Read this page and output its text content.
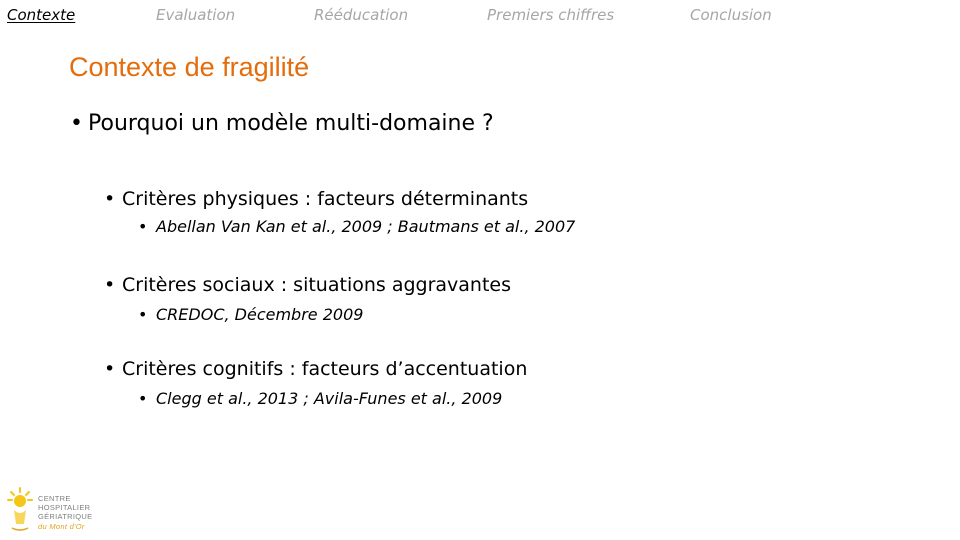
Contexte	Evaluation	Rééducation	Premiers chiffres	Conclusion
Contexte de fragilité
• Pourquoi un modèle multi-domaine ?
• Critères physiques : facteurs déterminants
• Abellan Van Kan et al., 2009 ; Bautmans et al., 2007
• Critères sociaux : situations aggravantes
• CREDOC, Décembre 2009
• Critères cognitifs : facteurs d’accentuation
• Clegg et al., 2013 ; Avila-Funes et al., 2009
CENTRE
HOSPITALIER
GÉRIATRIQUE
du Mont d'Or
